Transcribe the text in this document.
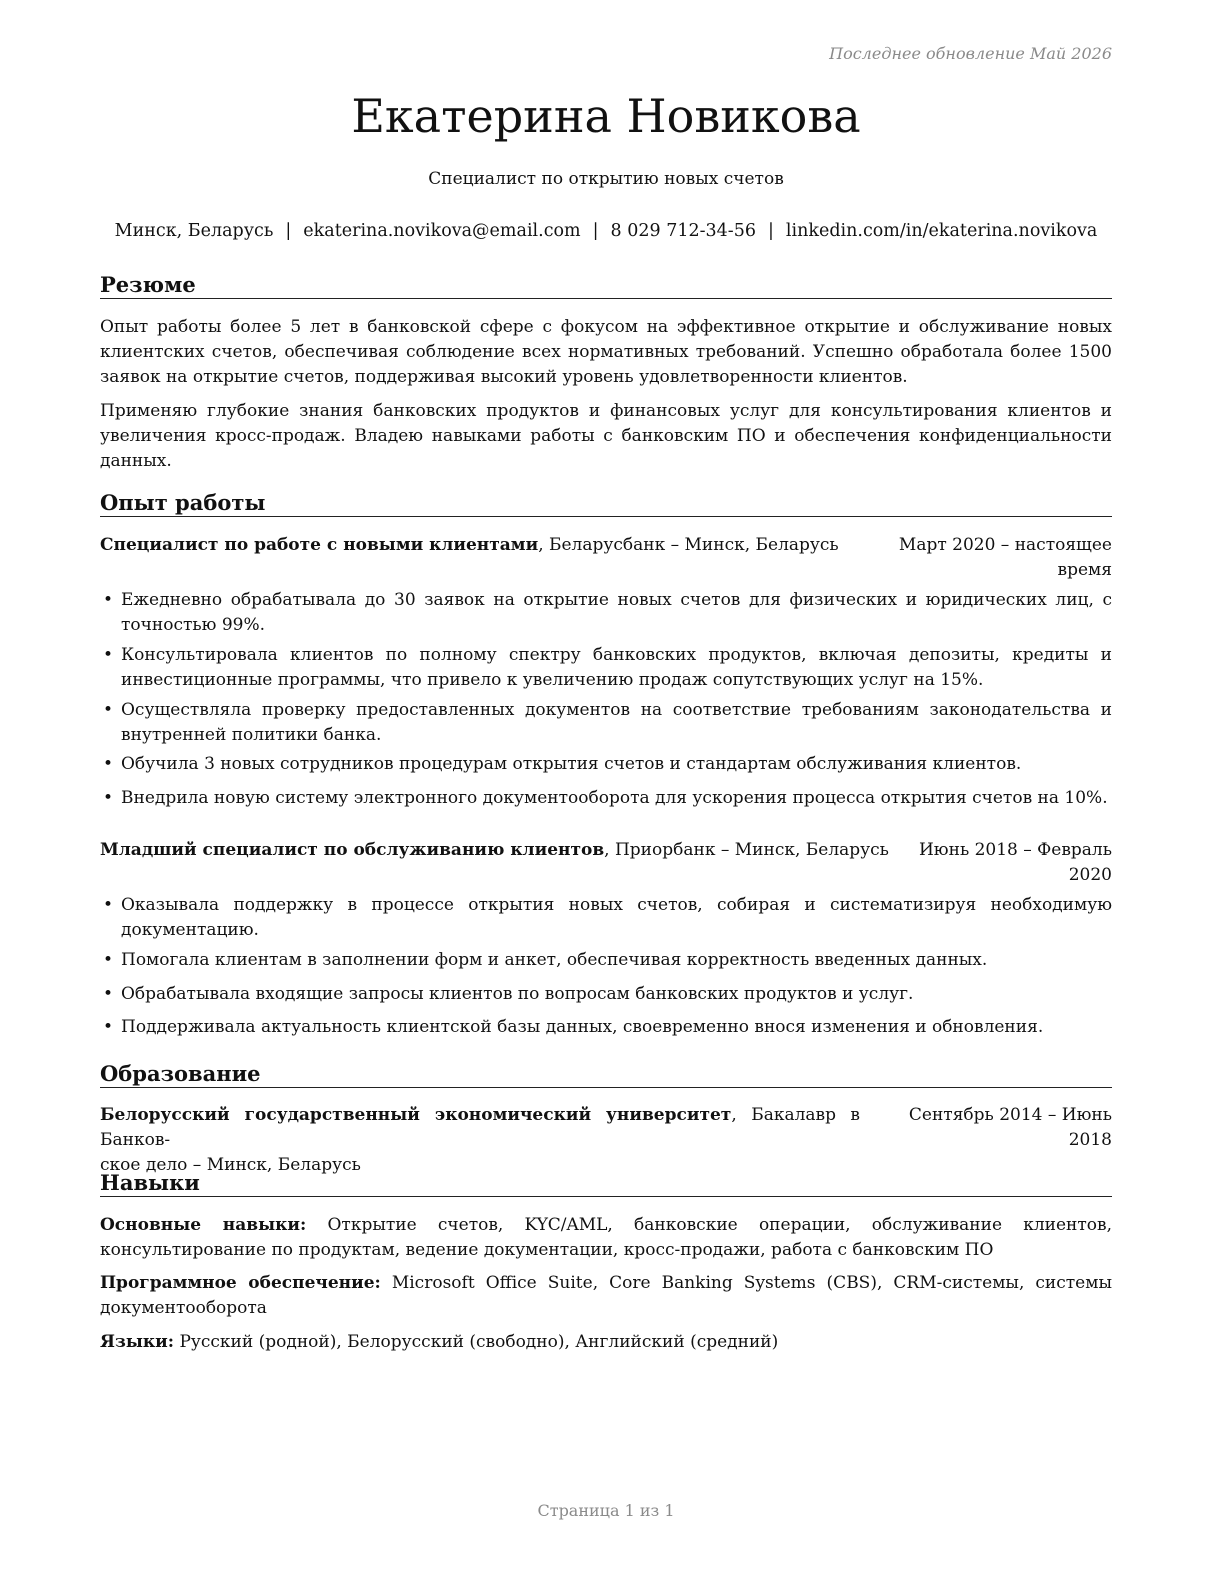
Последнее обновление Май 2026
Екатерина Новикова
Специалист по открытию новых счетов
Минск, Беларусь | ekaterina.novikova@email.com | 8 029 712-34-56 | linkedin.com/in/ekaterina.novikova
Резюме

Опыт работы более 5 лет в банковской сфере с фокусом на эффективное открытие и обслуживание новых клиентских счетов, обеспечивая соблюдение всех нормативных требований. Успешно обработала более 1500 заявок на открытие счетов, поддерживая высокий уровень удовлетворенности клиентов.

Применяю глубокие знания банковских продуктов и финансовых услуг для консультирования клиентов и увеличения кросс-продаж. Владею навыками работы с банковским ПО и обеспечения конфиденциальности данных.

Опыт работы
Специалист по работе с новыми клиентами, Беларусбанк – Минск, Беларусь	Март 2020 – настоящее
время
• Ежедневно обрабатывала до 30 заявок на открытие новых счетов для физических и юридических лиц, с точностью 99%.
• Консультировала клиентов по полному спектру банковских продуктов, включая депозиты, кредиты и инвестиционные программы, что привело к увеличению продаж сопутствующих услуг на 15%.
• Осуществляла проверку предоставленных документов на соответствие требованиям законодательства и внутренней политики банка.
• Обучила 3 новых сотрудников процедурам открытия счетов и стандартам обслуживания клиентов.
• Внедрила новую систему электронного документооборота для ускорения процесса открытия счетов на 10%.
Младший специалист по обслуживанию клиентов, Приорбанк – Минск, Беларусь	Июнь 2018 – Февраль
2020
• Оказывала поддержку в процессе открытия новых счетов, собирая и систематизируя необходимую документацию.
• Помогала клиентам в заполнении форм и анкет, обеспечивая корректность введенных данных.
• Обрабатывала входящие запросы клиентов по вопросам банковских продуктов и услуг.
• Поддерживала актуальность клиентской базы данных, своевременно внося изменения и обновления.
Образование
Белорусский государственный экономический университет, Бакалавр в Банков-
ское дело – Минск, Беларусь
Сентябрь 2014 – Июнь
2018
Навыки
Основные навыки: Открытие счетов, KYC/AML, банковские операции, обслуживание клиентов, консультирование по продуктам, ведение документации, кросс-продажи, работа с банковским ПО
Программное обеспечение: Microsoft Office Suite, Core Banking Systems (CBS), CRM-системы, системы документооборота
Языки: Русский (родной), Белорусский (свободно), Английский (средний)
Страница 1 из 1
